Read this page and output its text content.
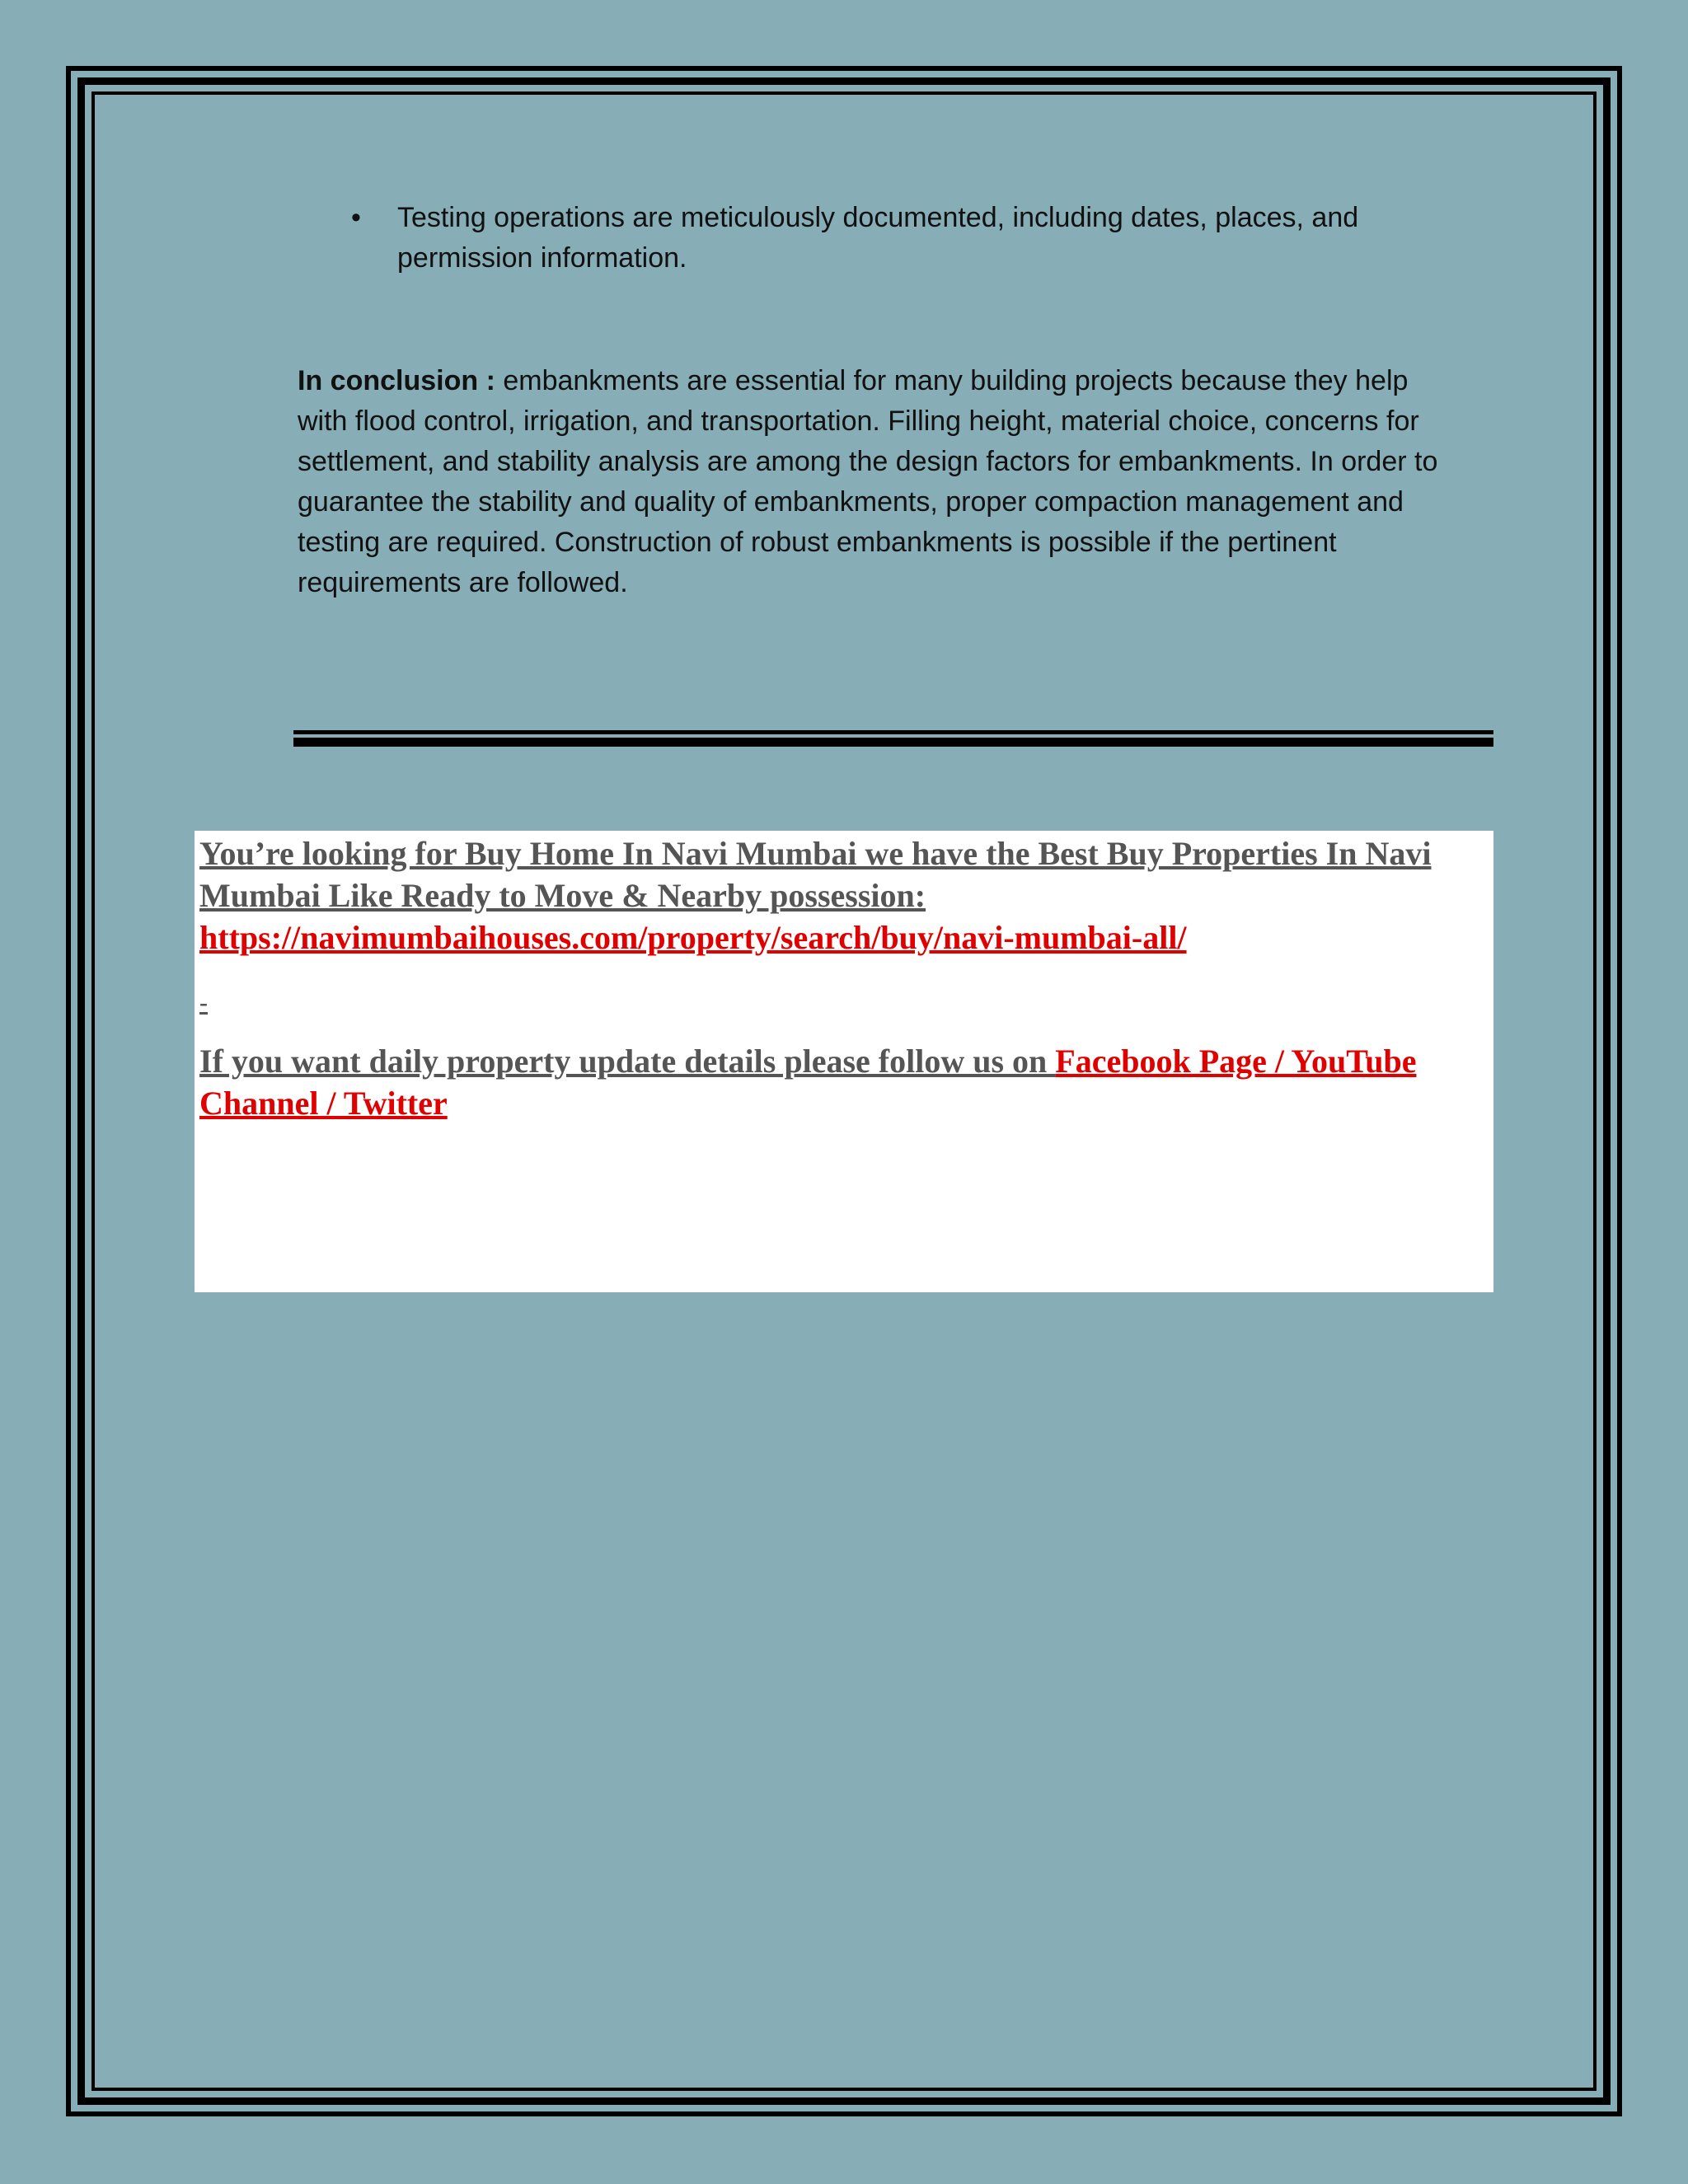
• Testing operations are meticulously documented, including dates, places, and permission information.

In conclusion : embankments are essential for many building projects because they help with flood control, irrigation, and transportation. Filling height, material choice, concerns for settlement, and stability analysis are among the design factors for embankments. In order to guarantee the stability and quality of embankments, proper compaction management and testing are required. Construction of robust embankments is possible if the pertinent requirements are followed.

You’re looking for Buy Home In Navi Mumbai we have the Best Buy Properties In Navi Mumbai Like Ready to Move & Nearby possession: https://navimumbaihouses.com/property/search/buy/navi-mumbai-all/

-

If you want daily property update details please follow us on Facebook Page / YouTube Channel / Twitter
